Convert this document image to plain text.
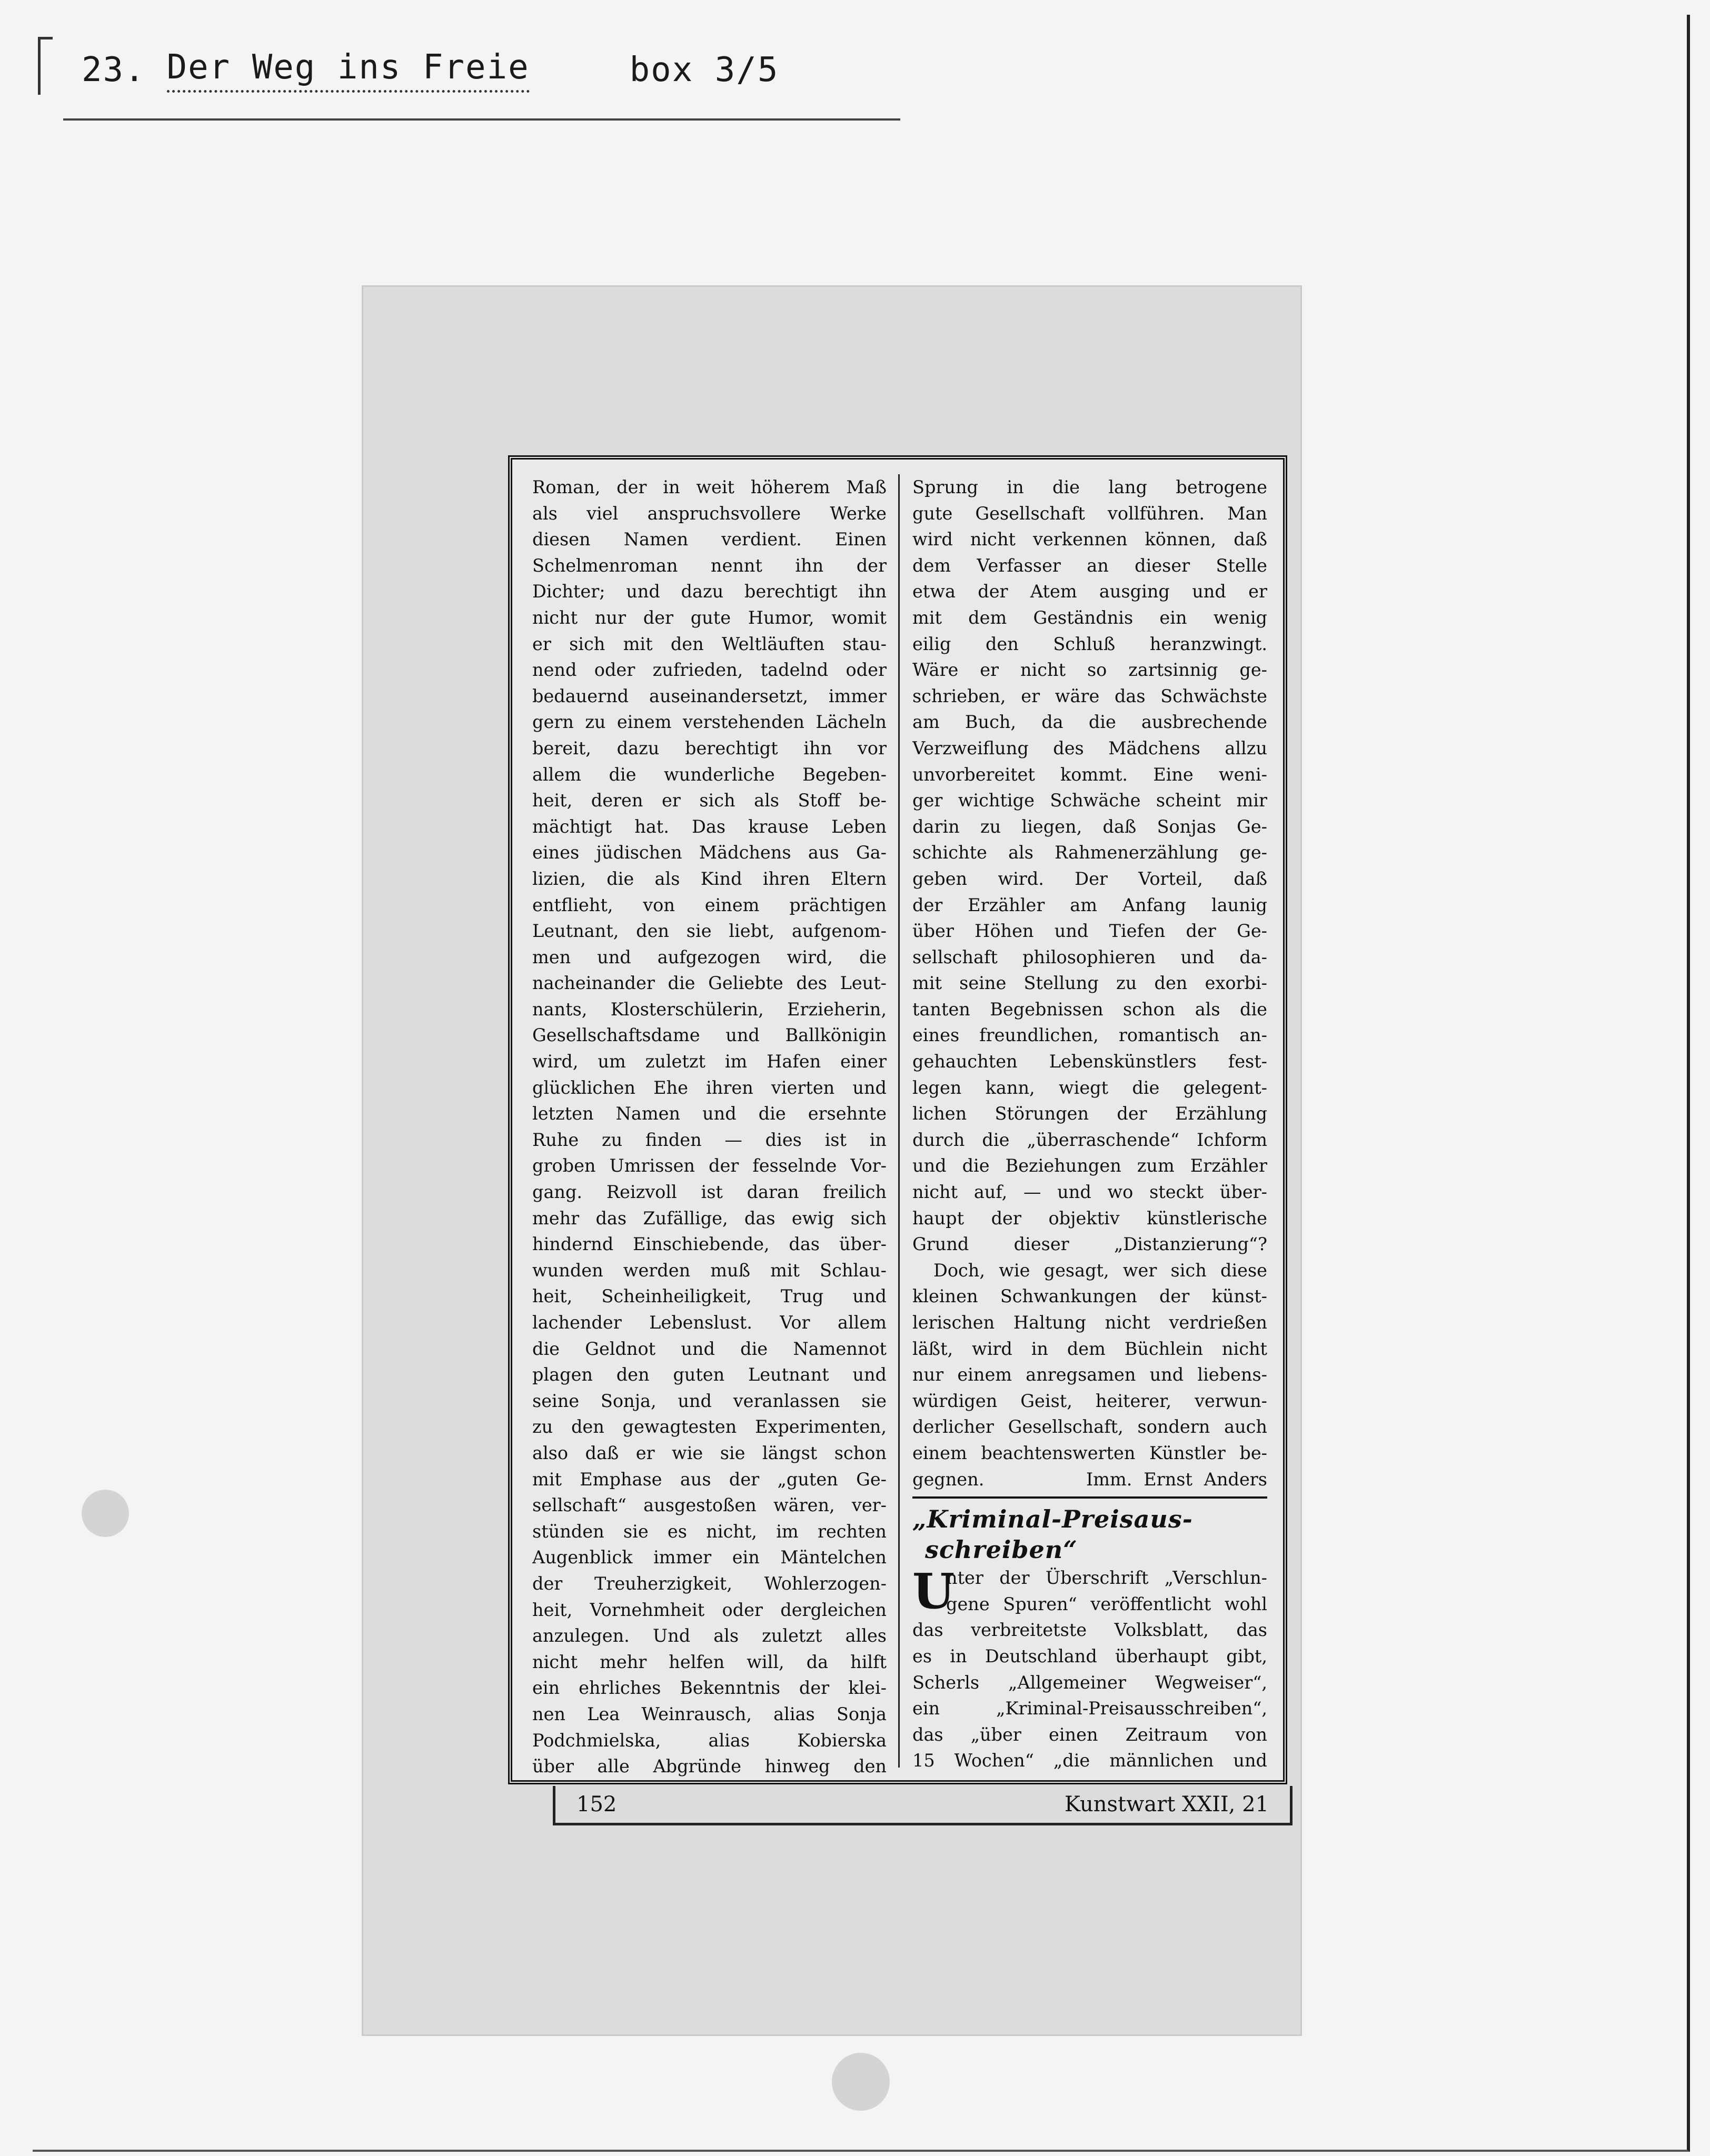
23. Der Weg ins Freie	box 3/5
Roman, der in weit höherem Maß
als viel anspruchsvollere Werke
diesen Namen verdient. Einen
Schelmenroman nennt ihn der
Dichter; und dazu berechtigt ihn
nicht nur der gute Humor, womit
er sich mit den Weltläuften stau-
nend oder zufrieden, tadelnd oder
bedauernd auseinandersetzt, immer
gern zu einem verstehenden Lächeln
bereit, dazu berechtigt ihn vor
allem die wunderliche Begeben-
heit, deren er sich als Stoff be-
mächtigt hat. Das krause Leben
eines jüdischen Mädchens aus Ga-
lizien, die als Kind ihren Eltern
entflieht, von einem prächtigen
Leutnant, den sie liebt, aufgenom-
men und aufgezogen wird, die
nacheinander die Geliebte des Leut-
nants, Klosterschülerin, Erzieherin,
Gesellschaftsdame und Ballkönigin
wird, um zuletzt im Hafen einer
glücklichen Ehe ihren vierten und
letzten Namen und die ersehnte
Ruhe zu finden — dies ist in
groben Umrissen der fesselnde Vor-
gang. Reizvoll ist daran freilich
mehr das Zufällige, das ewig sich
hindernd Einschiebende, das über-
wunden werden muß mit Schlau-
heit, Scheinheiligkeit, Trug und
lachender Lebenslust. Vor allem
die Geldnot und die Namennot
plagen den guten Leutnant und
seine Sonja, und veranlassen sie
zu den gewagtesten Experimenten,
also daß er wie sie längst schon
mit Emphase aus der „guten Ge-
sellschaft“ ausgestoßen wären, ver-
stünden sie es nicht, im rechten
Augenblick immer ein Mäntelchen
der Treuherzigkeit, Wohlerzogen-
heit, Vornehmheit oder dergleichen
anzulegen. Und als zuletzt alles
nicht mehr helfen will, da hilft
ein ehrliches Bekenntnis der klei-
nen Lea Weinrausch, alias Sonja
Podchmielska, alias Kobierska
über alle Abgründe hinweg den
Sprung in die lang betrogene
gute Gesellschaft vollführen. Man
wird nicht verkennen können, daß
dem Verfasser an dieser Stelle
etwa der Atem ausging und er
mit dem Geständnis ein wenig
eilig den Schluß heranzwingt.
Wäre er nicht so zartsinnig ge-
schrieben, er wäre das Schwächste
am Buch, da die ausbrechende
Verzweiflung des Mädchens allzu
unvorbereitet kommt. Eine weni-
ger wichtige Schwäche scheint mir
darin zu liegen, daß Sonjas Ge-
schichte als Rahmenerzählung ge-
geben wird. Der Vorteil, daß
der Erzähler am Anfang launig
über Höhen und Tiefen der Ge-
sellschaft philosophieren und da-
mit seine Stellung zu den exorbi-
tanten Begebnissen schon als die
eines freundlichen, romantisch an-
gehauchten Lebenskünstlers fest-
legen kann, wiegt die gelegent-
lichen Störungen der Erzählung
durch die „überraschende“ Ichform
und die Beziehungen zum Erzähler
nicht auf, — und wo steckt über-
haupt der objektiv künstlerische
Grund dieser „Distanzierung“?
Doch, wie gesagt, wer sich diese
kleinen Schwankungen der künst-
lerischen Haltung nicht verdrießen
läßt, wird in dem Büchlein nicht
nur einem anregsamen und liebens-
würdigen Geist, heiterer, verwun-
derlicher Gesellschaft, sondern auch
einem beachtenswerten Künstler be-
gegnen.	Imm. Ernst Anders
„Kriminal-Preisaus-
schreiben“
U
nter der Überschrift „Verschlun-
gene Spuren“ veröffentlicht wohl
das verbreitetste Volksblatt, das
es in Deutschland überhaupt gibt,
Scherls „Allgemeiner Wegweiser“,
ein „Kriminal-Preisausschreiben“,
das „über einen Zeitraum von
15 Wochen“ „die männlichen und
152	Kunstwart XXII, 21
